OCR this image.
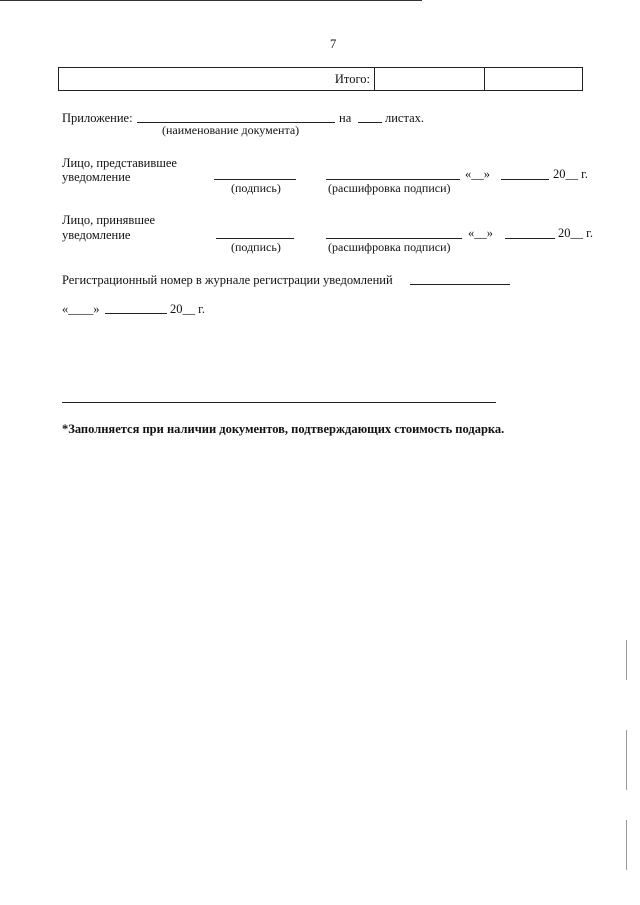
7
Итого:		
Приложение:	на	листах.
(наименование документа)
Лицо, представившее
уведомление	«__»	20__ г.
(подпись)	(расшифровка подписи)
Лицо, принявшее
уведомление	«__»	20__ г.
(подпись)	(расшифровка подписи)
Регистрационный номер в журнале регистрации уведомлений
«____»	20__ г.
*Заполняется при наличии документов, подтверждающих стоимость подарка.
